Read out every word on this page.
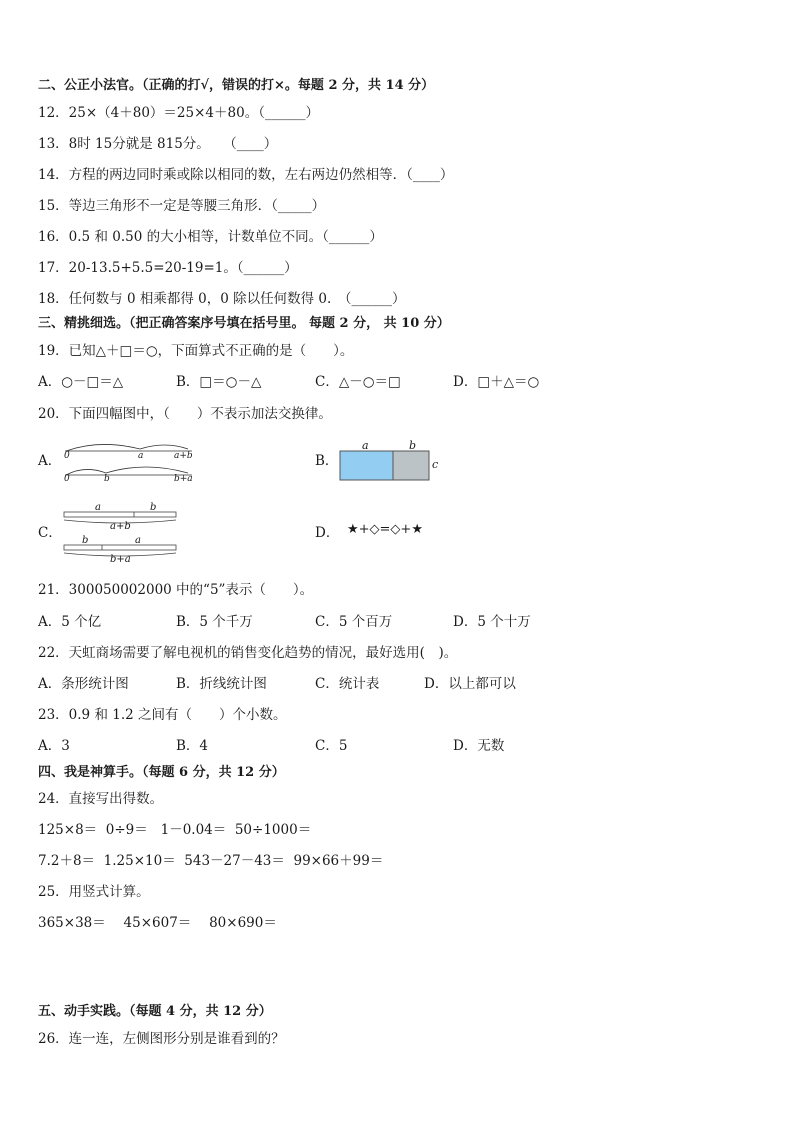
二、公正小法官。（正确的打√，错误的打×。每题 2 分，共 14 分）
12．25×（4＋80）＝25×4＋80。（______）
13．8时 15分就是 815分。　　（____）
14．方程的两边同时乘或除以相同的数，左右两边仍然相等．（____）
15．等边三角形不一定是等腰三角形．（_____）
16．0.5 和 0.50 的大小相等，计数单位不同。（______）
17．20-13.5+5.5=20-19=1。（______）
18．任何数与 0 相乘都得 0，0 除以任何数得 0.　（______）
三、精挑细选。（把正确答案序号填在括号里。 每题 2 分， 共 10 分）
19．已知△＋□＝○，下面算式不正确的是（　　）。
A．○－□＝△	B．□＝○－△	C．△－○＝□	D．□＋△＝○
20．下面四幅图中，（　　）不表示加法交换律。
A． 0	a	a+b
0	b	b+a
B．
a	b
c
C．
a	b
a+b
b	a
b+a
D． ★+◇=◇+★
21．300050002000 中的“5”表示（　　）。
A．5 个亿	B．5 个千万	C．5 个百万	D．5 个十万
22．天虹商场需要了解电视机的销售变化趋势的情况，最好选用(　)。
A．条形统计图	B．折线统计图	C．统计表	D．以上都可以
23．0.9 和 1.2 之间有（　　）个小数。
A．3	B．4	C．5	D．无数
四、我是神算手。（每题 6 分，共 12 分）
24．直接写出得数。
125×8＝  0÷9＝   1－0.04＝  50÷1000＝
7.2＋8＝  1.25×10＝  543－27－43＝  99×66＋99＝
25．用竖式计算。
365×38＝　 45×607＝　 80×690＝
五、动手实践。（每题 4 分，共 12 分）
26．连一连，左侧图形分别是谁看到的？
